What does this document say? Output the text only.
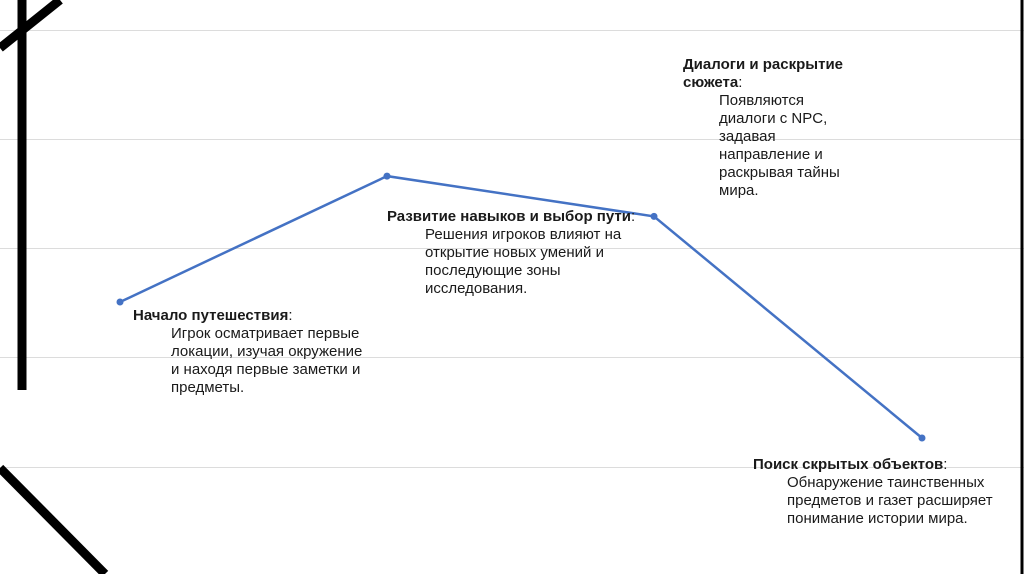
Начало путешествия:
Игрок осматривает первые локации, изучая окружение и находя первые заметки и предметы.
Развитие навыков и выбор пути:
Решения игроков влияют на открытие новых умений и последующие зоны исследования.
Диалоги и раскрытие сюжета:
Появляются диалоги с NPC, задавая направление и раскрывая тайны мира.
Поиск скрытых объектов:
Обнаружение таинственных предметов и газет расширяет понимание истории мира.
